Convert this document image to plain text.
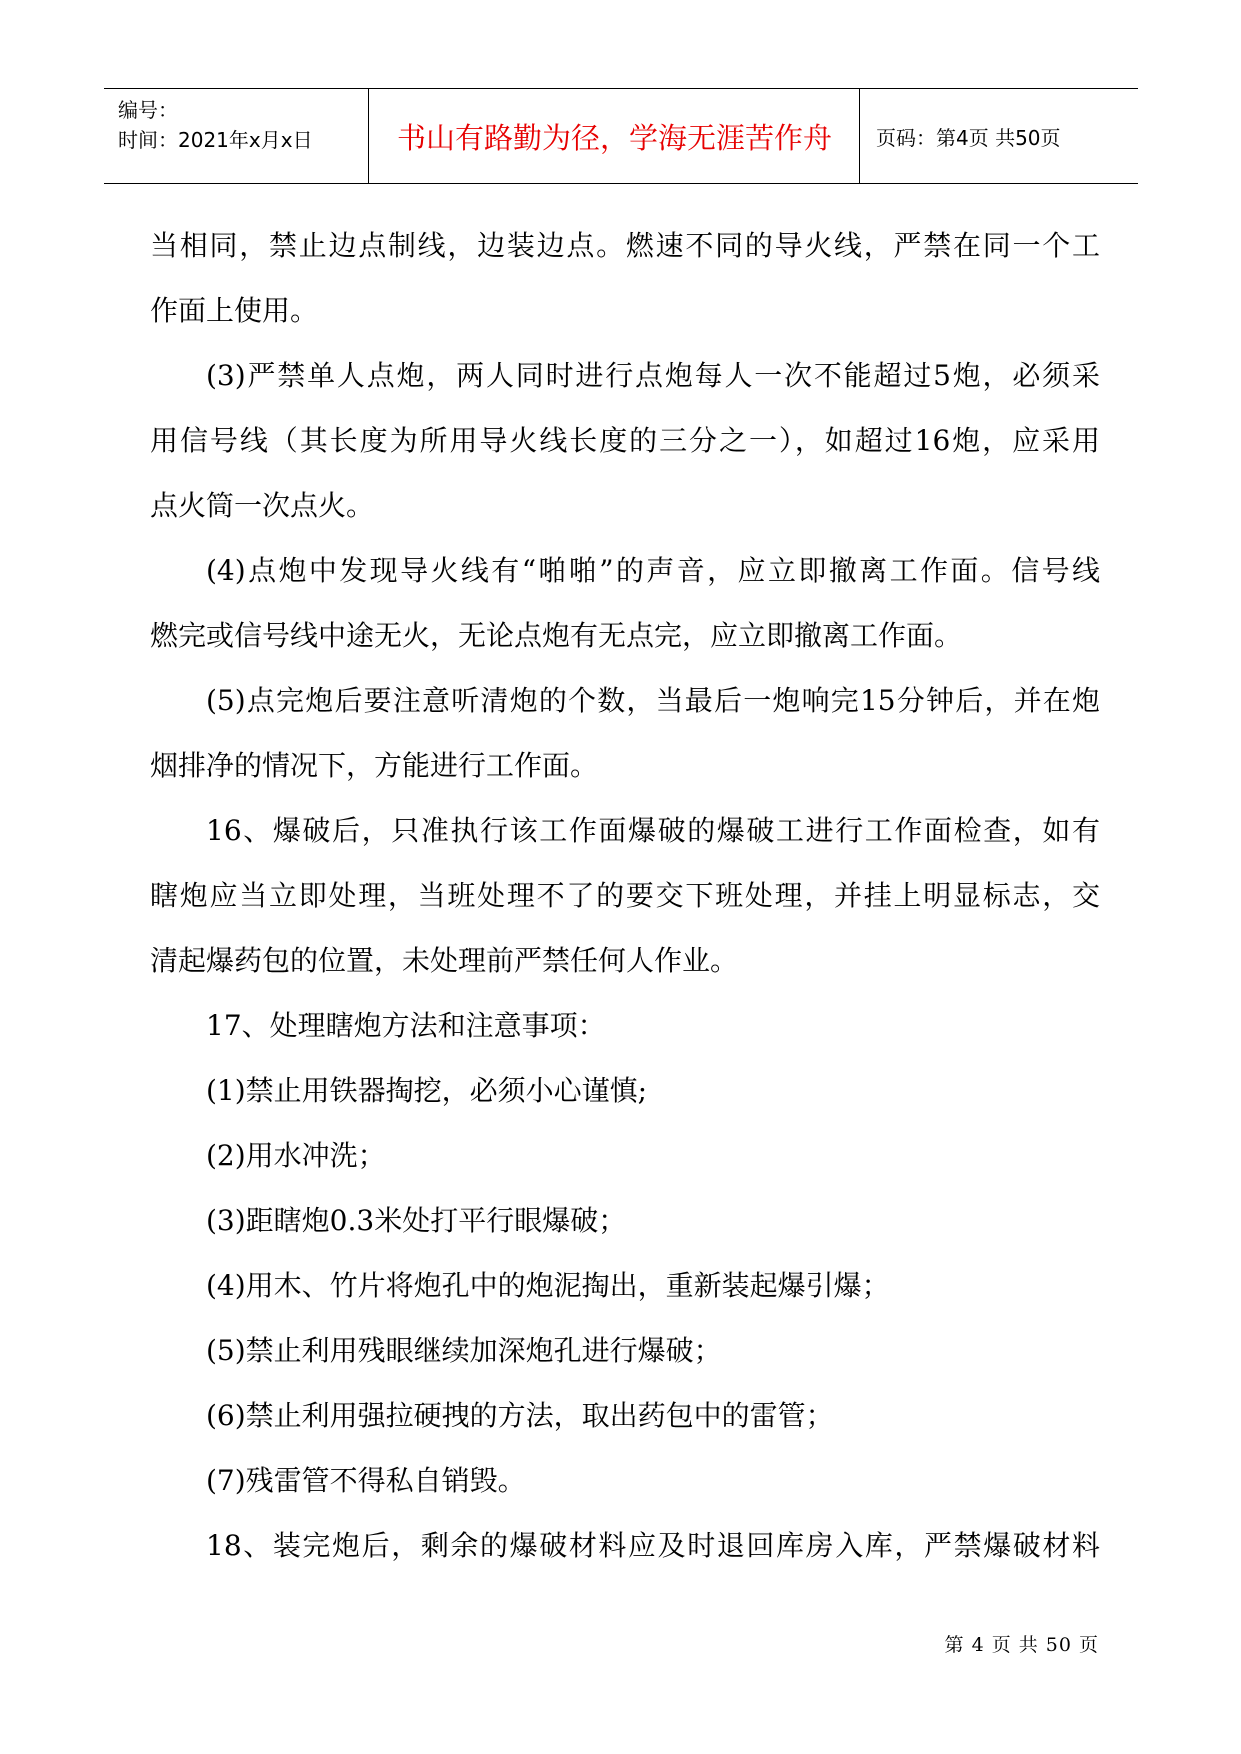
编号：
时间：2021年x月x日	书山有路勤为径，学海无涯苦作舟	页码：第4页 共50页
当相同，禁止边点制线，边装边点。燃速不同的导火线，严禁在同一个工
作面上使用。
(3)严禁单人点炮，两人同时进行点炮每人一次不能超过5炮，必须采
用信号线（其长度为所用导火线长度的三分之一），如超过16炮，应采用
点火筒一次点火。
(4)点炮中发现导火线有“啪啪”的声音，应立即撤离工作面。信号线
燃完或信号线中途无火，无论点炮有无点完，应立即撤离工作面。
(5)点完炮后要注意听清炮的个数，当最后一炮响完15分钟后，并在炮
烟排净的情况下，方能进行工作面。
16、爆破后，只准执行该工作面爆破的爆破工进行工作面检查，如有
瞎炮应当立即处理，当班处理不了的要交下班处理，并挂上明显标志，交
清起爆药包的位置，未处理前严禁任何人作业。
17、处理瞎炮方法和注意事项：
(1)禁止用铁器掏挖，必须小心谨慎;
(2)用水冲洗；
(3)距瞎炮0.3米处打平行眼爆破；
(4)用木、竹片将炮孔中的炮泥掏出，重新装起爆引爆；
(5)禁止利用残眼继续加深炮孔进行爆破；
(6)禁止利用强拉硬拽的方法，取出药包中的雷管；
(7)残雷管不得私自销毁。
18、装完炮后，剩余的爆破材料应及时退回库房入库，严禁爆破材料
第 4 页 共 50 页
